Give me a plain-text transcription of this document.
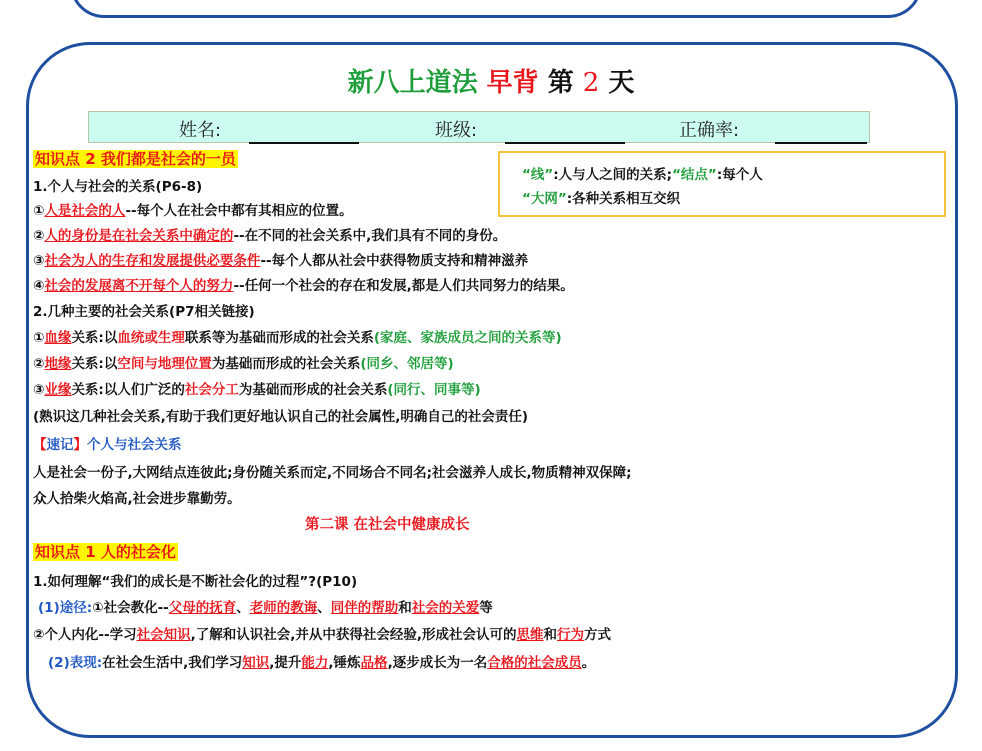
新八上道法 早背 第 2 天
姓名:	班级:	正确率:
知识点 2 我们都是社会的一员
“线”:人与人之间的关系;“结点”:每个人
“大网”:各种关系相互交织
1.个人与社会的关系(P6-8)
①人是社会的人--每个人在社会中都有其相应的位置。
②人的身份是在社会关系中确定的--在不同的社会关系中,我们具有不同的身份。
③社会为人的生存和发展提供必要条件--每个人都从社会中获得物质支持和精神滋养
④社会的发展离不开每个人的努力--任何一个社会的存在和发展,都是人们共同努力的结果。
2.几种主要的社会关系(P7相关链接)
①血缘关系:以血统或生理联系等为基础而形成的社会关系(家庭、家族成员之间的关系等)
②地缘关系:以空间与地理位置为基础而形成的社会关系(同乡、邻居等)
③业缘关系:以人们广泛的社会分工为基础而形成的社会关系(同行、同事等)
(熟识这几种社会关系,有助于我们更好地认识自己的社会属性,明确自己的社会责任)
【速记】个人与社会关系
人是社会一份子,大网结点连彼此;身份随关系而定,不同场合不同名;社会滋养人成长,物质精神双保障;
众人拾柴火焰高,社会进步靠勤劳。
第二课 在社会中健康成长
知识点 1 人的社会化
1.如何理解“我们的成长是不断社会化的过程”?(P10)
(1)途径:①社会教化--父母的抚育、老师的教诲、同伴的帮助和社会的关爱等
②个人内化--学习社会知识,了解和认识社会,并从中获得社会经验,形成社会认可的思维和行为方式
(2)表现:在社会生活中,我们学习知识,提升能力,锤炼品格,逐步成长为一名合格的社会成员。
